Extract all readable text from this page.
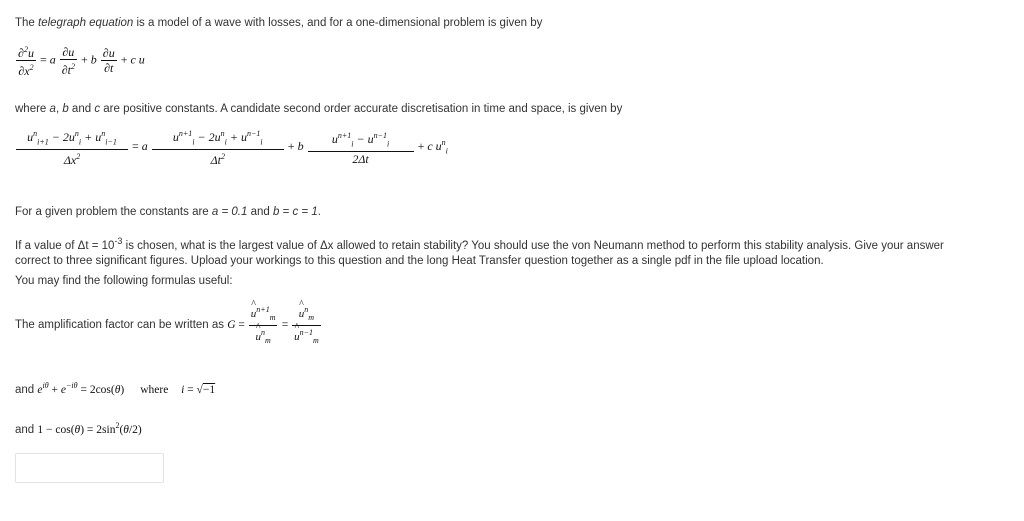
The telegraph equation is a model of a wave with losses, and for a one-dimensional problem is given by
$\frac{\partial^2u}{\partial x^2} = a \frac{\partial u}{\partial t^2} + b \frac{\partial u}{\partial t} + c$ u
where a, b and c are positive constants. A candidate second order accurate discretisation in time and space, is given by
$\frac{u^n_{i+1} - 2u^n_i + u^n_{i-1}}{\Delta x^2} = a \frac{u^{n+1}_i - 2u^n_i + u^{n-1}_i}{\Delta t^2} + b \frac{u^{n+1}_i - u^{n-1}_i}{2\Delta t} + c$ $u^n_i$
For a given problem the constants are a = 0.1 and b = c = 1.
If a value of $\Delta t = 10^{-3}$ is chosen, what is the largest value of Δx allowed to retain stability? You should use the von Neumann method to perform this stability analysis. Give your answer
correct to three significant figures. Upload your workings to this question and the long Heat Transfer question together as a single pdf in the file upload location.
You may find the following formulas useful:
The amplification factor can be written as G = ^ $u^{n+1}_m$
^ $u^n_m$ = ^ $u^n_m$
^ $u^{n-1}_m$
and $e^{i\theta} + e^{-i\theta} = 2\cos(\theta)$ where i = √−1
and $1 - \cos(\theta) = 2\sin^2(\theta/2)$
